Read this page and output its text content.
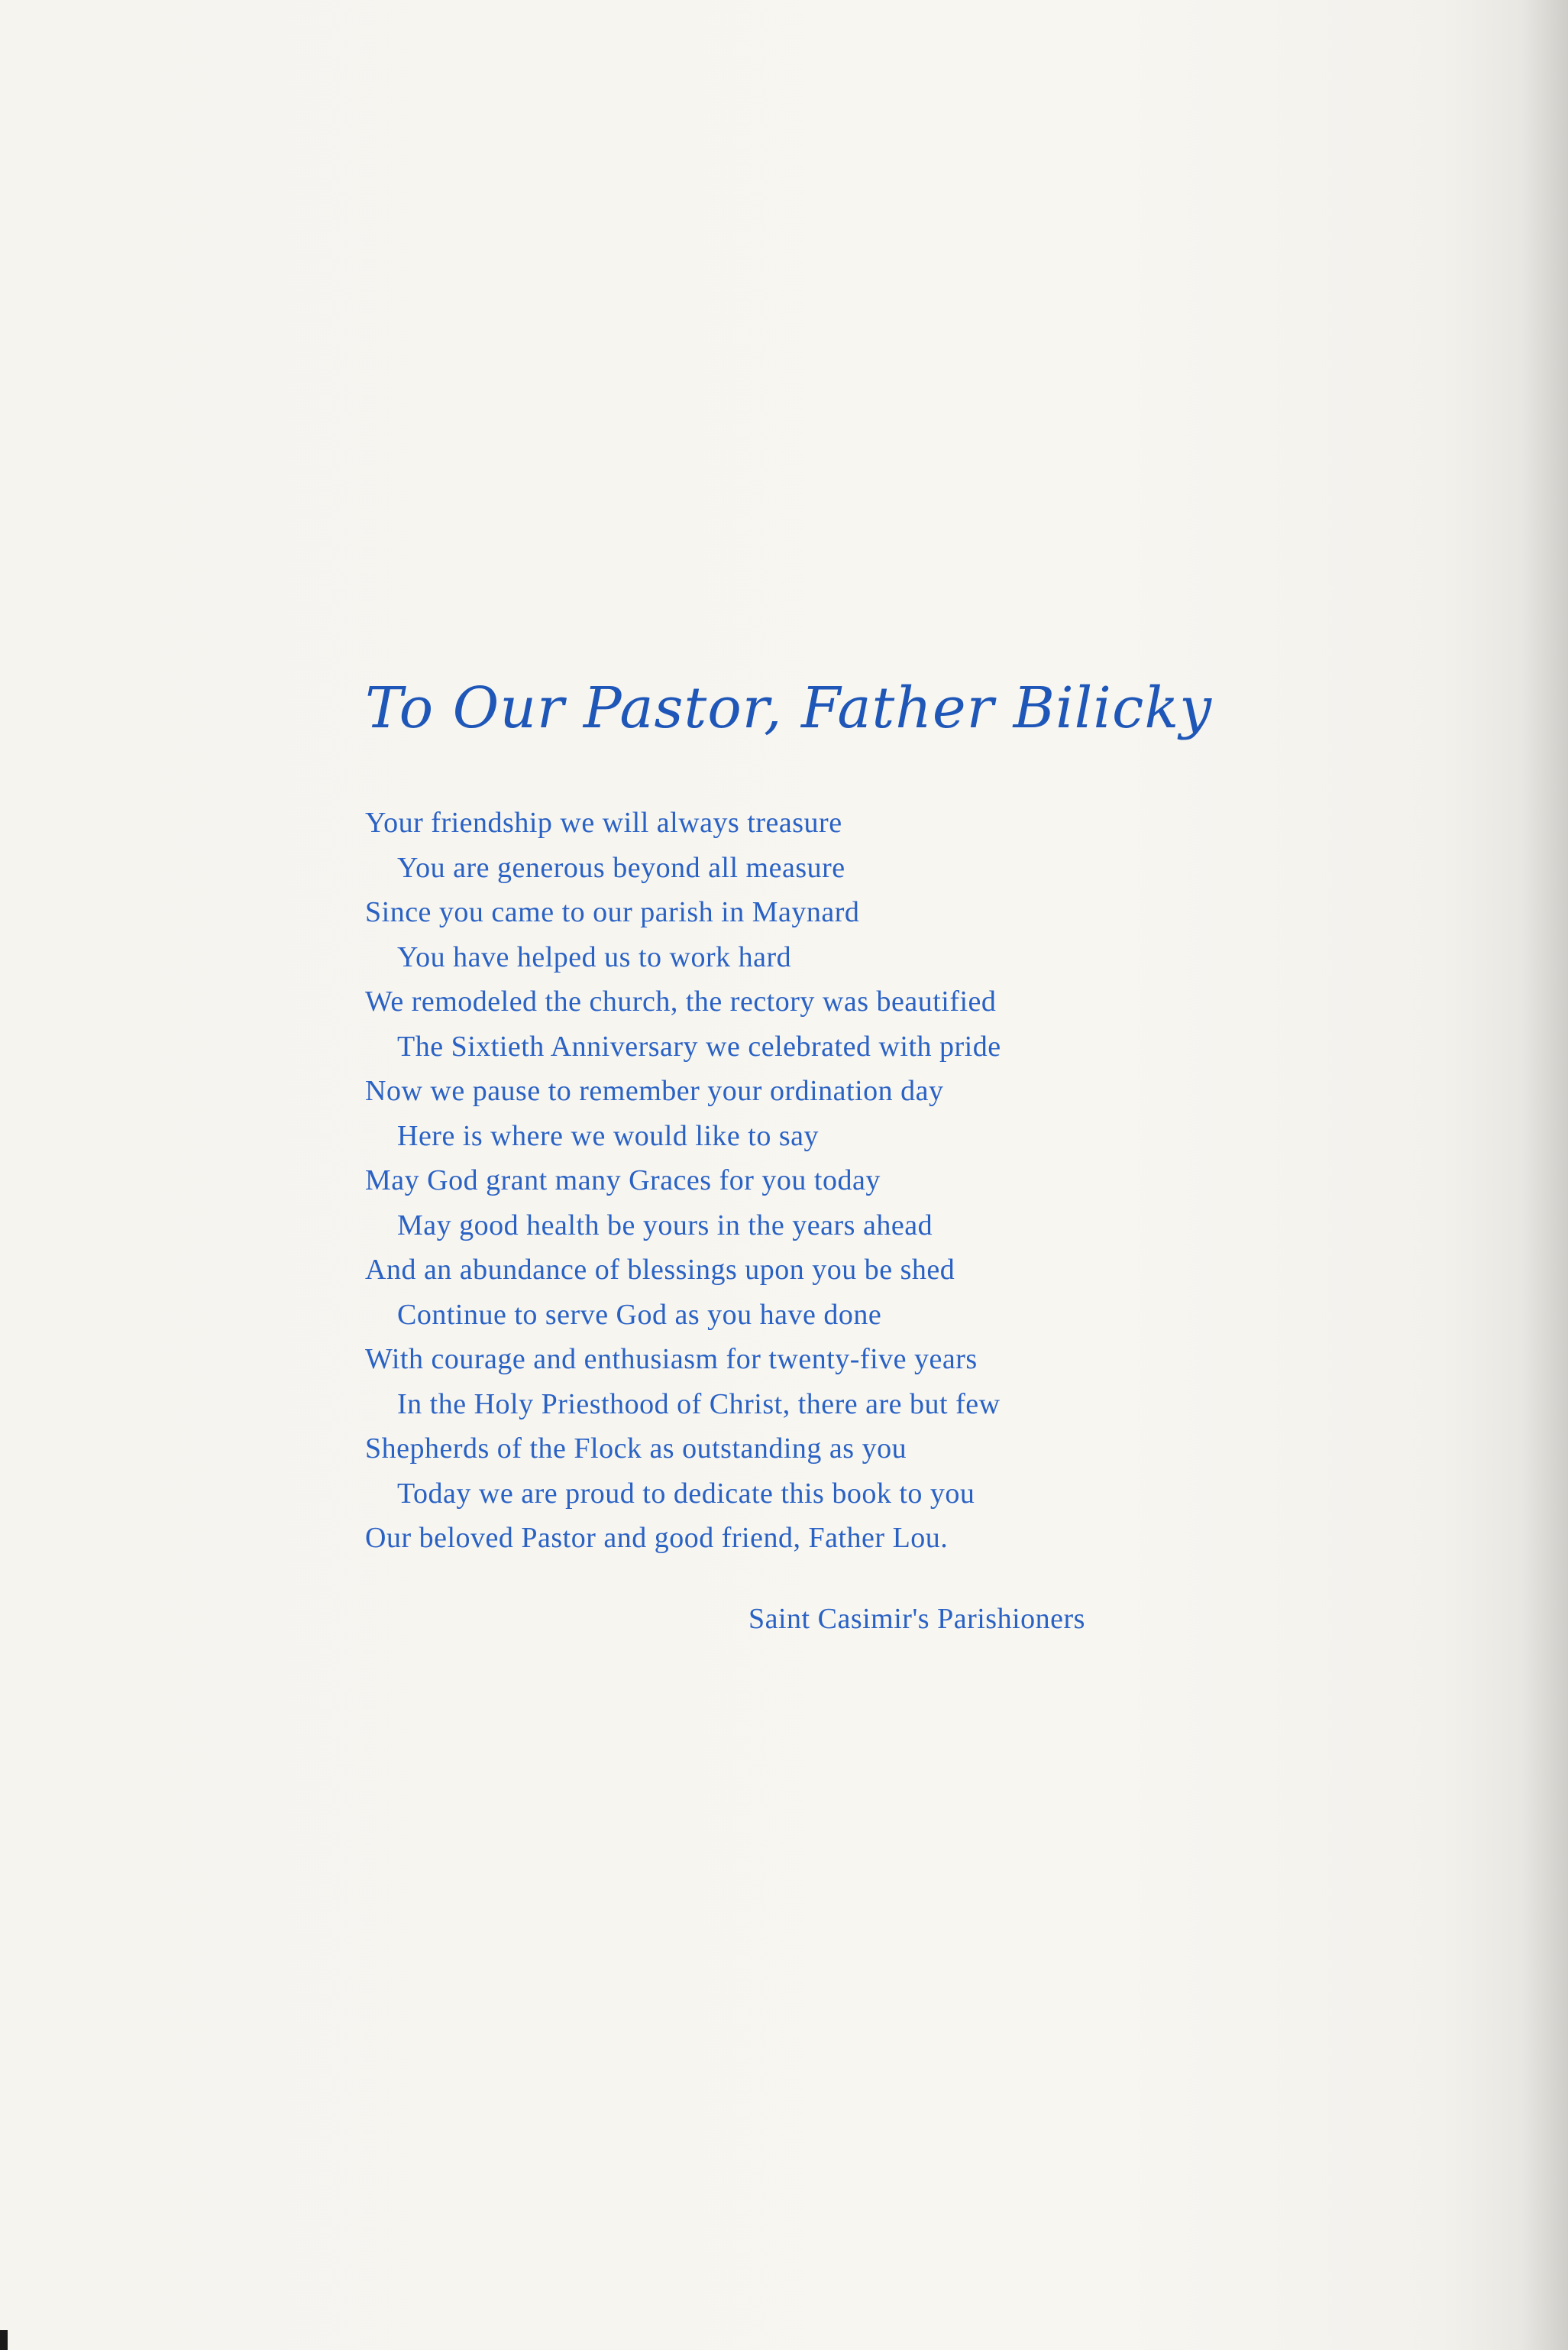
To Our Pastor, Father Bilicky
Your friendship we will always treasure
You are generous beyond all measure
Since you came to our parish in Maynard
You have helped us to work hard
We remodeled the church, the rectory was beautified
The Sixtieth Anniversary we celebrated with pride
Now we pause to remember your ordination day
Here is where we would like to say
May God grant many Graces for you today
May good health be yours in the years ahead
And an abundance of blessings upon you be shed
Continue to serve God as you have done
With courage and enthusiasm for twenty-five years
In the Holy Priesthood of Christ, there are but few
Shepherds of the Flock as outstanding as you
Today we are proud to dedicate this book to you
Our beloved Pastor and good friend, Father Lou.
Saint Casimir's Parishioners
